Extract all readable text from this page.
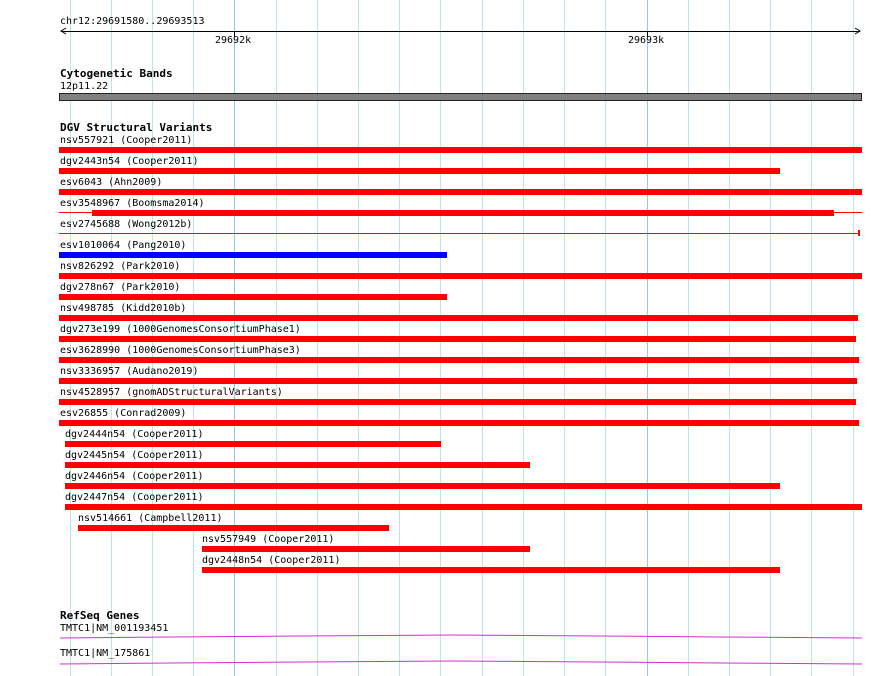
chr12:29691580..29693513
29692k	29693k
Cytogenetic Bands
12p11.22
DGV Structural Variants
nsv557921 (Cooper2011)
dgv2443n54 (Cooper2011)
esv6043 (Ahn2009)
esv3548967 (Boomsma2014)
esv2745688 (Wong2012b)
esv1010064 (Pang2010)
nsv826292 (Park2010)
dgv278n67 (Park2010)
nsv498785 (Kidd2010b)
dgv273e199 (1000GenomesConsortiumPhase1)
esv3628990 (1000GenomesConsortiumPhase3)
nsv3336957 (Audano2019)
nsv4528957 (gnomADStructuralVariants)
esv26855 (Conrad2009)
dgv2444n54 (Cooper2011)
dgv2445n54 (Cooper2011)
dgv2446n54 (Cooper2011)
dgv2447n54 (Cooper2011)
nsv514661 (Campbell2011)
nsv557949 (Cooper2011)
dgv2448n54 (Cooper2011)
RefSeq Genes
TMTC1|NM_001193451
TMTC1|NM_175861
